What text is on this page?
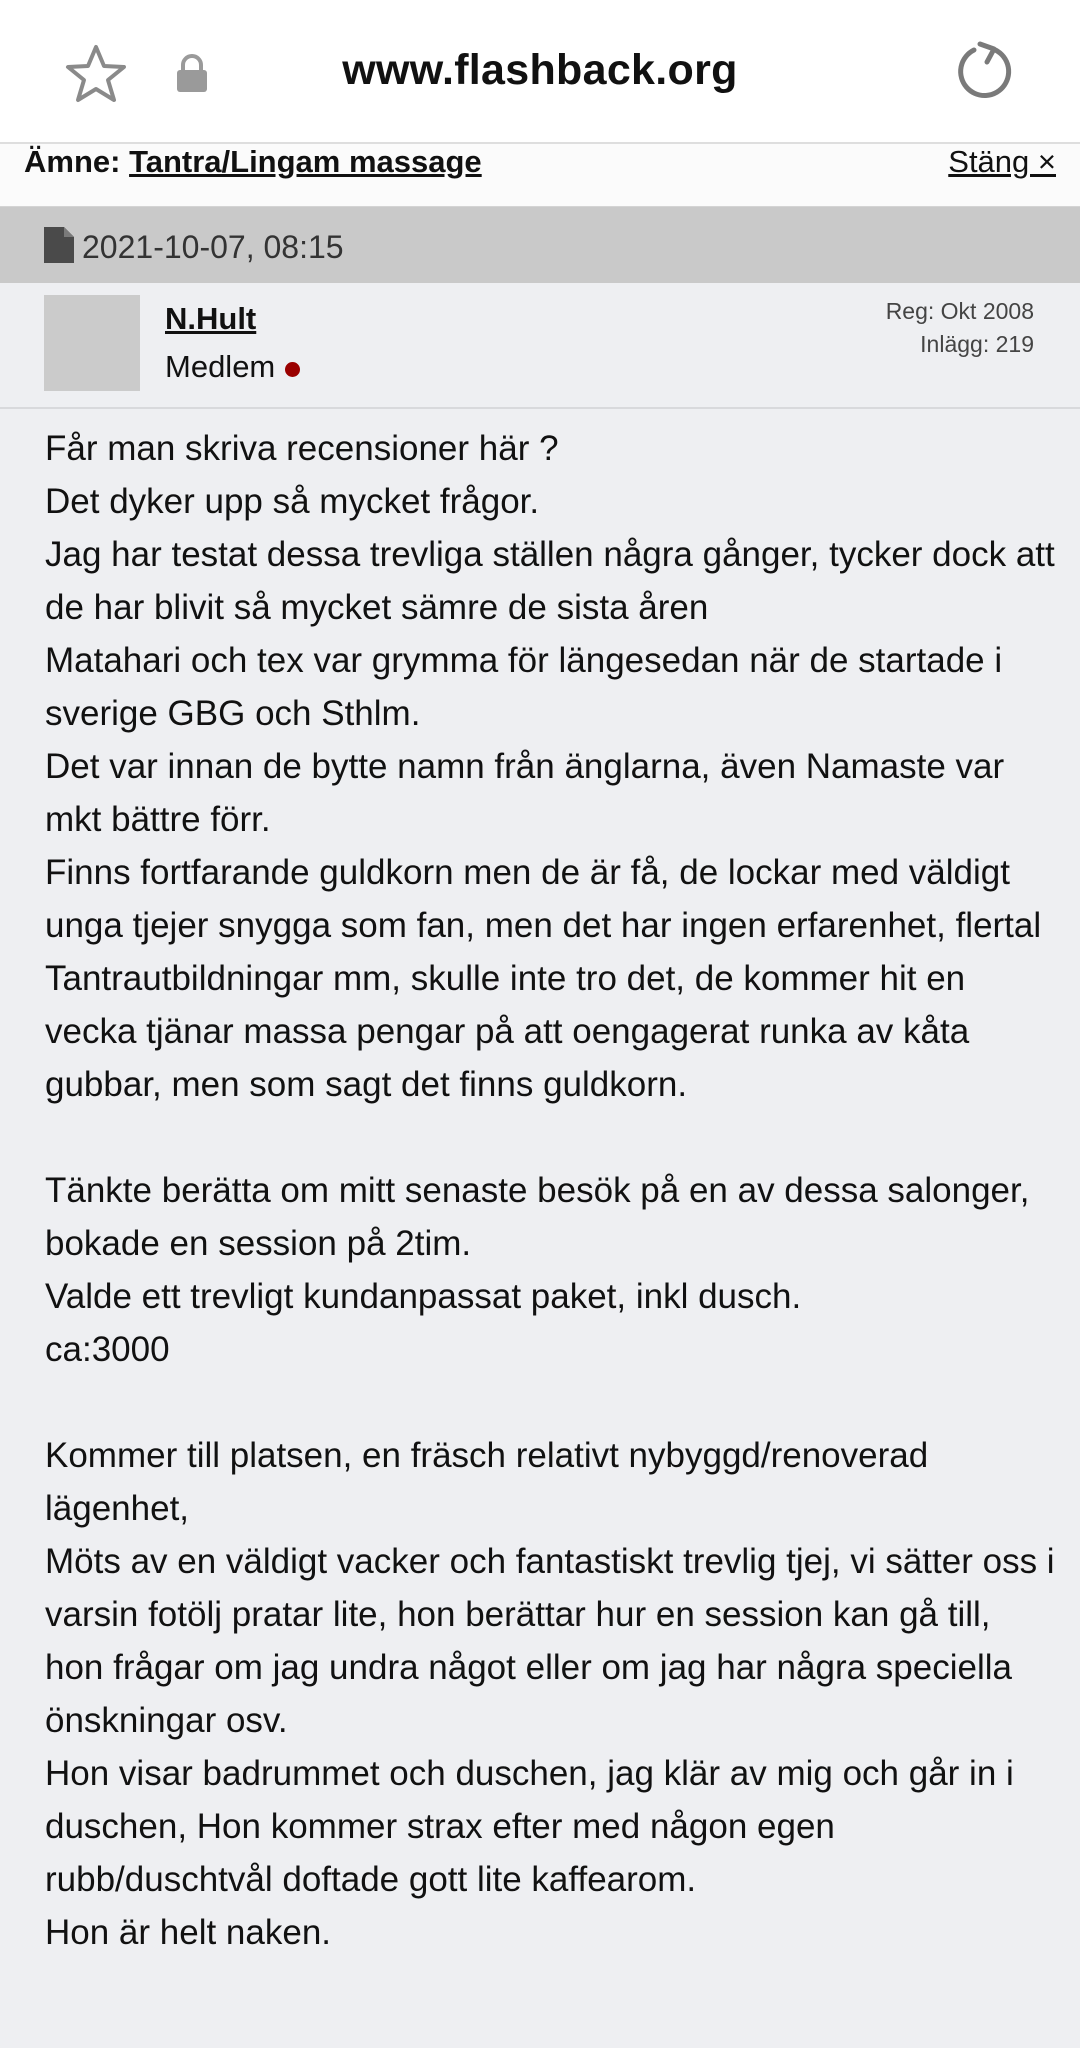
www.flashback.org
Ämne: Tantra/Lingam massage	Stäng ×
2021-10-07, 08:15
N.Hult
Medlem
Reg: Okt 2008
Inlägg: 219

Får man skriva recensioner här ?

Det dyker upp så mycket frågor.

Jag har testat dessa trevliga ställen några gånger, tycker dock att de har blivit så mycket sämre de sista åren

Matahari och tex var grymma för längesedan när de startade i sverige GBG och Sthlm.

Det var innan de bytte namn från änglarna, även Namaste var mkt bättre förr.

Finns fortfarande guldkorn men de är få, de lockar med väldigt unga tjejer snygga som fan, men det har ingen erfarenhet, flertal Tantrautbildningar mm, skulle inte tro det, de kommer hit en vecka tjänar massa pengar på att oengagerat runka av kåta gubbar, men som sagt det finns guldkorn.

Tänkte berätta om mitt senaste besök på en av dessa salonger, bokade en session på 2tim.

Valde ett trevligt kundanpassat paket, inkl dusch.

ca:3000

Kommer till platsen, en fräsch relativt nybyggd/renoverad lägenhet,

Möts av en väldigt vacker och fantastiskt trevlig tjej, vi sätter oss i varsin fotölj pratar lite, hon berättar hur en session kan gå till, hon frågar om jag undra något eller om jag har några speciella önskningar osv.

Hon visar badrummet och duschen, jag klär av mig och går in i duschen, Hon kommer strax efter med någon egen rubb/duschtvål doftade gott lite kaffearom.

Hon är helt naken.
